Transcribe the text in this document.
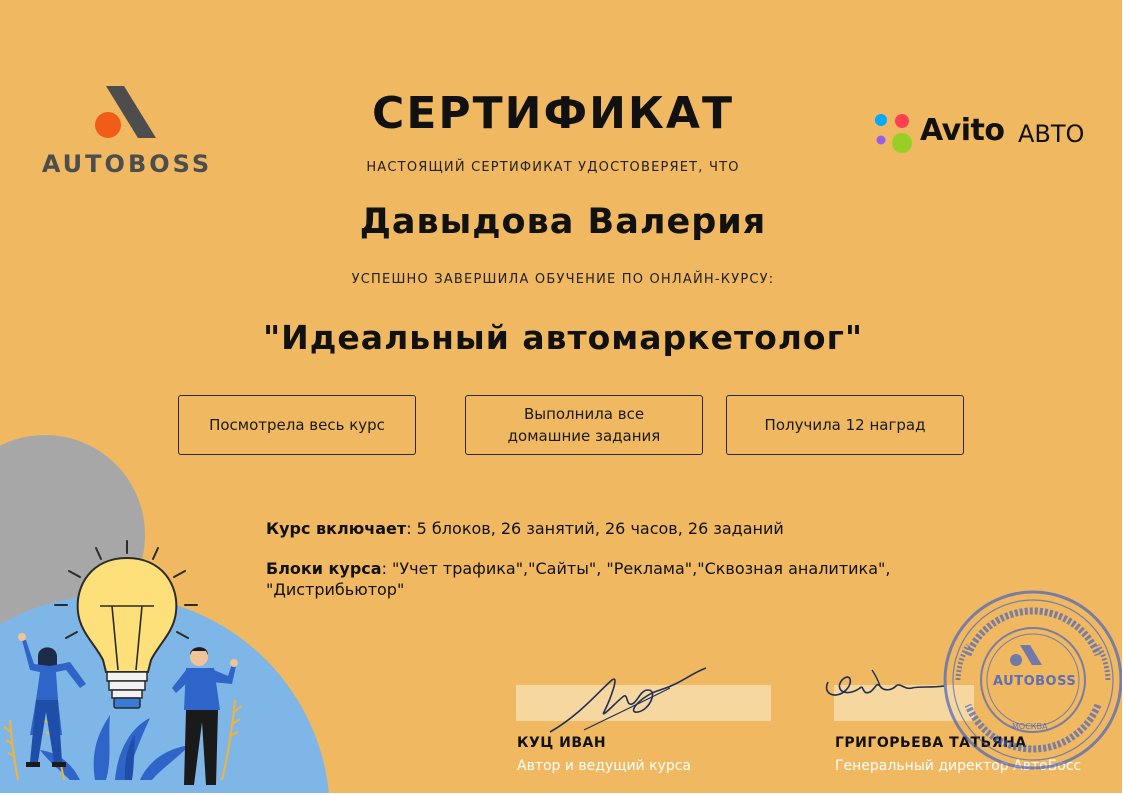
AUTOBOSS
Avito АВТО
СЕРТИФИКАТ
НАСТОЯЩИЙ СЕРТИФИКАТ УДОСТОВЕРЯЕТ, ЧТО
Давыдова Валерия
УСПЕШНО ЗАВЕРШИЛА ОБУЧЕНИЕ ПО ОНЛАЙН-КУРСУ:
"Идеальный автомаркетолог"
Посмотрела весь курс
Выполнила все
домашние задания
Получила 12 наград
Курс включает: 5 блоков, 26 занятий, 26 часов, 26 заданий
Блоки курса: "Учет трафика","Сайты", "Реклама","Сквозная аналитика",
"Дистрибьютор"
КУЦ ИВАН
Автор и ведущий курса
ГРИГОРЬЕВА ТАТЬЯНА
Генеральный директор АвтоБосс
AUTOBOSS
МОСКВА
